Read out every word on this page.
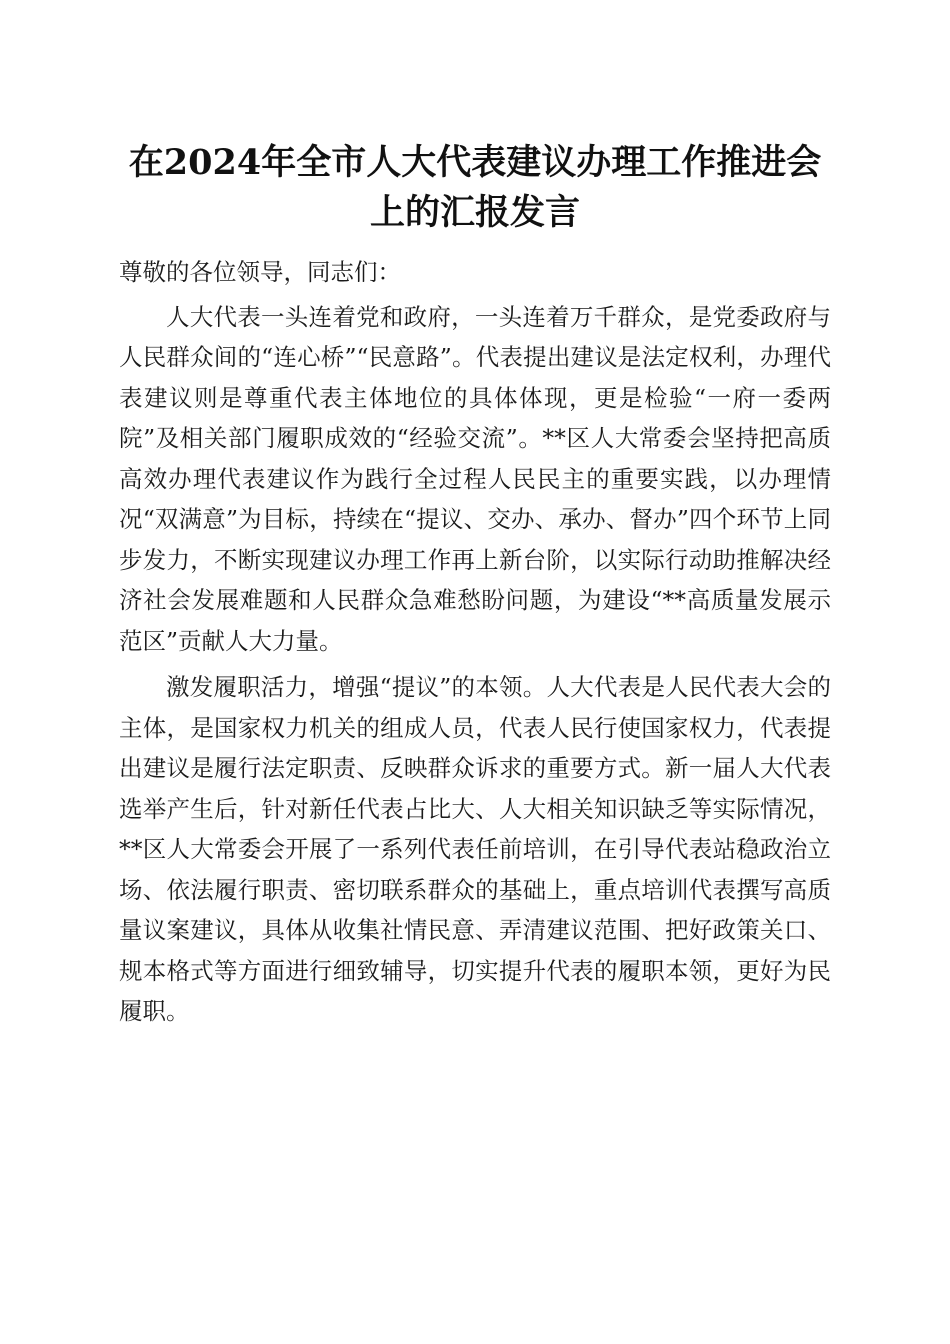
在2024年全市人大代表建议办理工作推进会
上的汇报发言

尊敬的各位领导，同志们：

人大代表一头连着党和政府，一头连着万千群众，是党委政府与人民群众间的“连心桥”“民意路”。代表提出建议是法定权利，办理代表建议则是尊重代表主体地位的具体体现，更是检验“一府一委两院”及相关部门履职成效的“经验交流”。**区人大常委会坚持把高质高效办理代表建议作为践行全过程人民民主的重要实践，以办理情况“双满意”为目标，持续在“提议、交办、承办、督办”四个环节上同步发力，不断实现建议办理工作再上新台阶，以实际行动助推解决经济社会发展难题和人民群众急难愁盼问题，为建设“**高质量发展示范区”贡献人大力量。

激发履职活力，增强“提议”的本领。人大代表是人民代表大会的主体，是国家权力机关的组成人员，代表人民行使国家权力，代表提出建议是履行法定职责、反映群众诉求的重要方式。新一届人大代表选举产生后，针对新任代表占比大、人大相关知识缺乏等实际情况，**区人大常委会开展了一系列代表任前培训，在引导代表站稳政治立场、依法履行职责、密切联系群众的基础上，重点培训代表撰写高质量议案建议，具体从收集社情民意、弄清建议范围、把好政策关口、规本格式等方面进行细致辅导，切实提升代表的履职本领，更好为民履职。
